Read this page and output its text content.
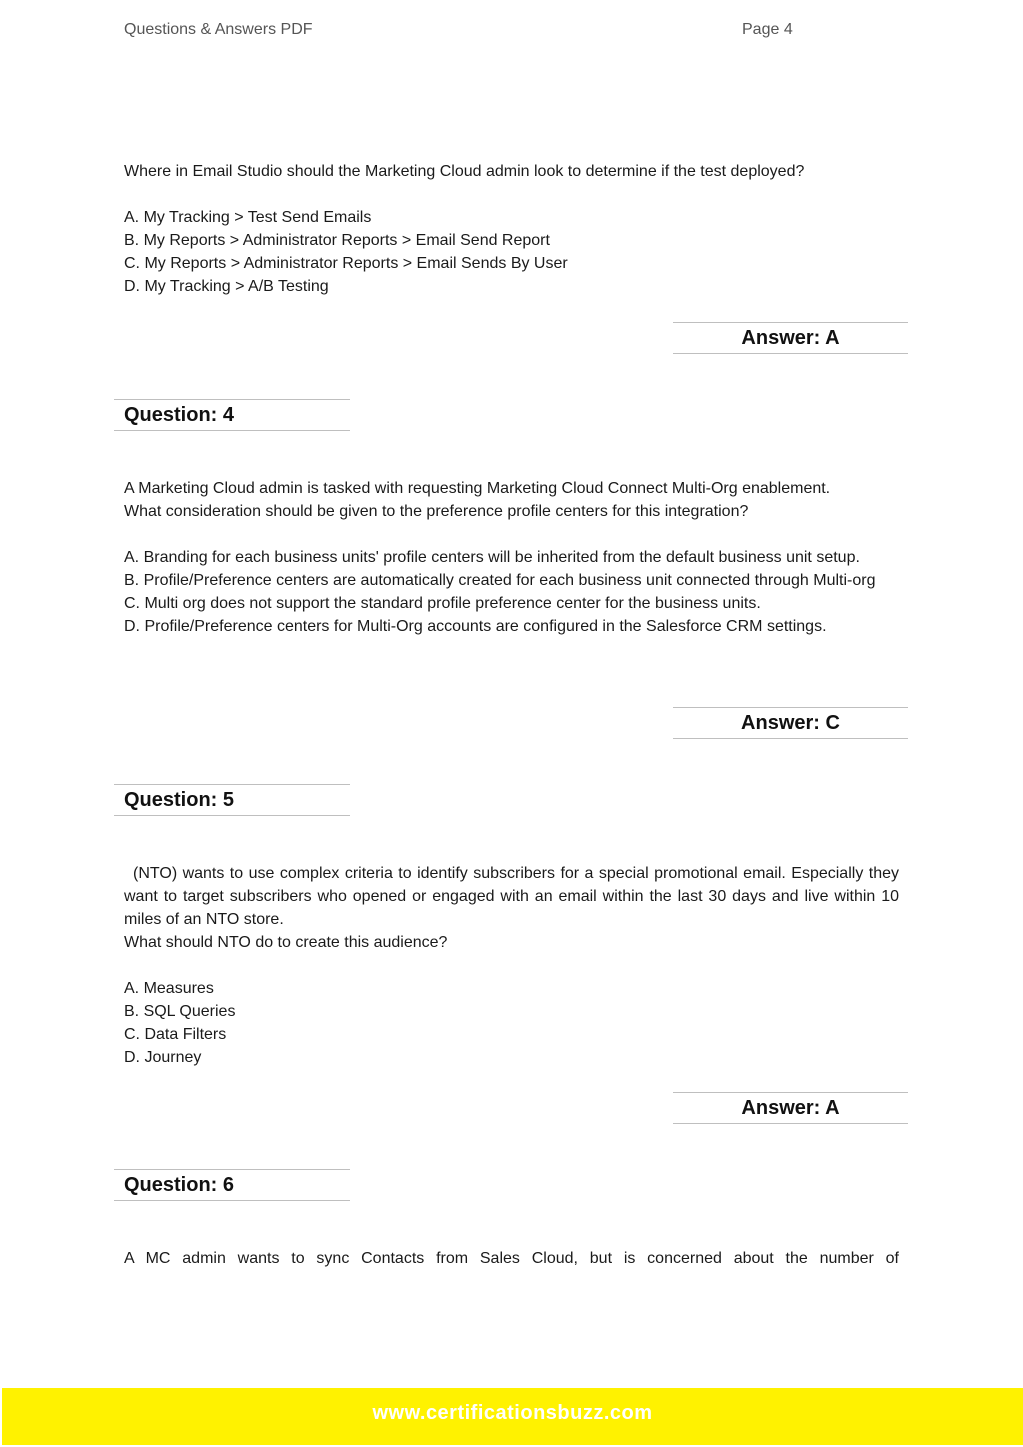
Questions & Answers PDF	Page 4

Where in Email Studio should the Marketing Cloud admin look to determine if the test deployed?

A. My Tracking > Test Send Emails

B. My Reports > Administrator Reports > Email Send Report

C. My Reports > Administrator Reports > Email Sends By User

D. My Tracking > A/B Testing

Answer: A
Question: 4

A Marketing Cloud admin is tasked with requesting Marketing Cloud Connect Multi-Org enablement.

What consideration should be given to the preference profile centers for this integration?

A. Branding for each business units' profile centers will be inherited from the default business unit setup.

B. Profile/Preference centers are automatically created for each business unit connected through Multi-org

C. Multi org does not support the standard profile preference center for the business units.

D. Profile/Preference centers for Multi-Org accounts are configured in the Salesforce CRM settings.

Answer: C
Question: 5

(NTO) wants to use complex criteria to identify subscribers for a special promotional email. Especially they want to target subscribers who opened or engaged with an email within the last 30 days and live within 10 miles of an NTO store.

What should NTO do to create this audience?

A. Measures

B. SQL Queries

C. Data Filters

D. Journey

Answer: A
Question: 6

A MC admin wants to sync Contacts from Sales Cloud, but is concerned about the number of

www.certificationsbuzz.com
